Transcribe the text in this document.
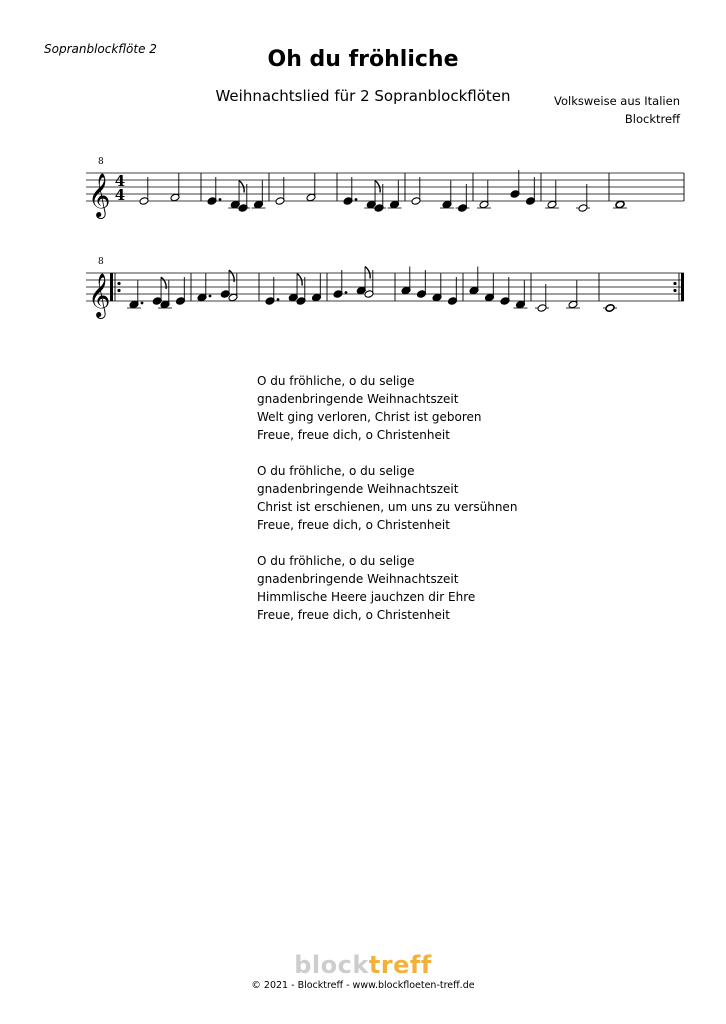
Sopranblockflöte 2	Oh du fröhliche
Weihnachtslied für 2 Sopranblockflöten	Volksweise aus Italien
Blocktreff
𝄞
8
4
4
𝄞
8
O du fröhliche, o du selige
gnadenbringende Weihnachtszeit
Welt ging verloren, Christ ist geboren
Freue, freue dich, o Christenheit
O du fröhliche, o du selige
gnadenbringende Weihnachtszeit
Christ ist erschienen, um uns zu versühnen
Freue, freue dich, o Christenheit
O du fröhliche, o du selige
gnadenbringende Weihnachtszeit
Himmlische Heere jauchzen dir Ehre
Freue, freue dich, o Christenheit
blocktreff
© 2021 - Blocktreff - www.blockfloeten-treff.de
